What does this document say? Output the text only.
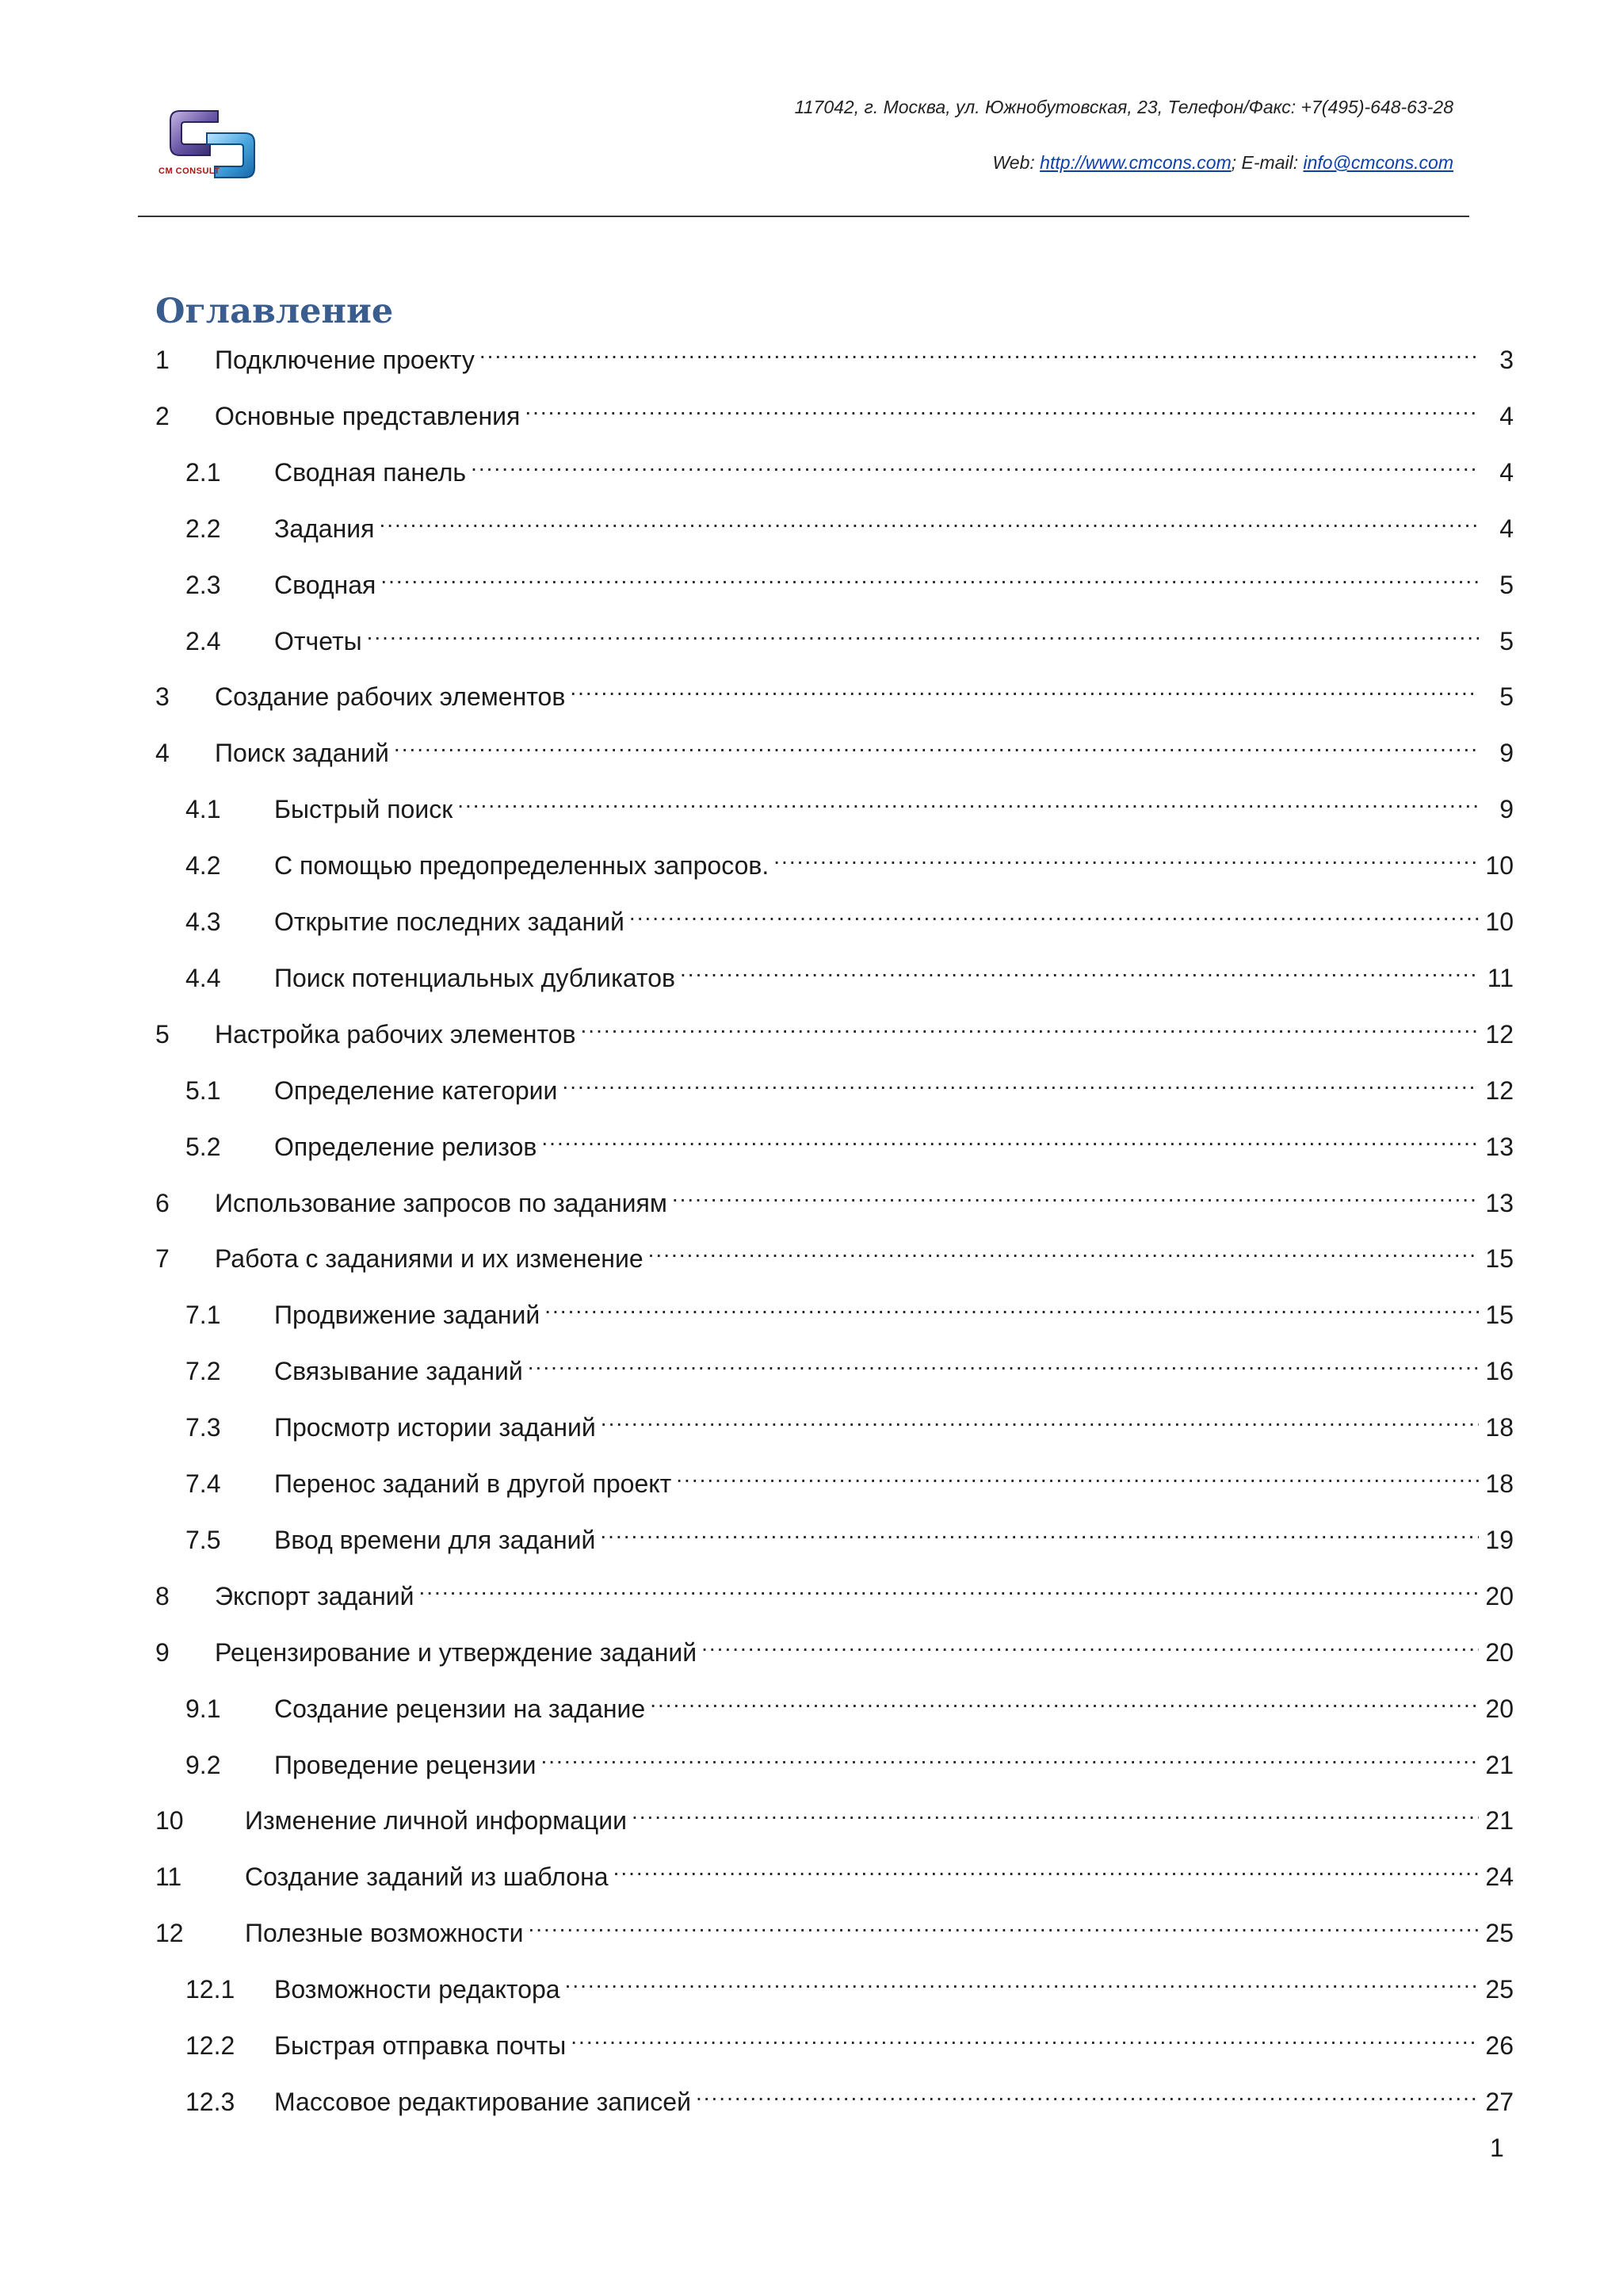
CM CONSULT
117042, г. Москва, ул. Южнобутовская, 23, Телефон/Факс: +7(495)-648-63-28
Web: http://www.cmcons.com; E-mail: info@cmcons.com
Оглавление
1	Подключение проекту .....	3
2	Основные представления .....	4
2.1	Сводная панель .....	4
2.2	Задания .....	4
2.3	Сводная .....	5
2.4	Отчеты .....	5
3	Создание рабочих элементов .....	5
4	Поиск заданий .....	9
4.1	Быстрый поиск .....	9
4.2	С помощью предопределенных запросов. .....	10
4.3	Открытие последних заданий .....	10
4.4	Поиск потенциальных дубликатов .....	11
5	Настройка рабочих элементов .....	12
5.1	Определение категории .....	12
5.2	Определение релизов .....	13
6	Использование запросов по заданиям .....	13
7	Работа с заданиями и их изменение .....	15
7.1	Продвижение заданий .....	15
7.2	Связывание заданий .....	16
7.3	Просмотр истории заданий .....	18
7.4	Перенос заданий в другой проект .....	18
7.5	Ввод времени для заданий .....	19
8	Экспорт заданий .....	20
9	Рецензирование и утверждение заданий .....	20
9.1	Создание рецензии на задание .....	20
9.2	Проведение рецензии .....	21
10	Изменение личной информации .....	21
11	Создание заданий из шаблона .....	24
12	Полезные возможности .....	25
12.1	Возможности редактора .....	25
12.2	Быстрая отправка почты .....	26
12.3	Массовое редактирование записей .....	27
1
